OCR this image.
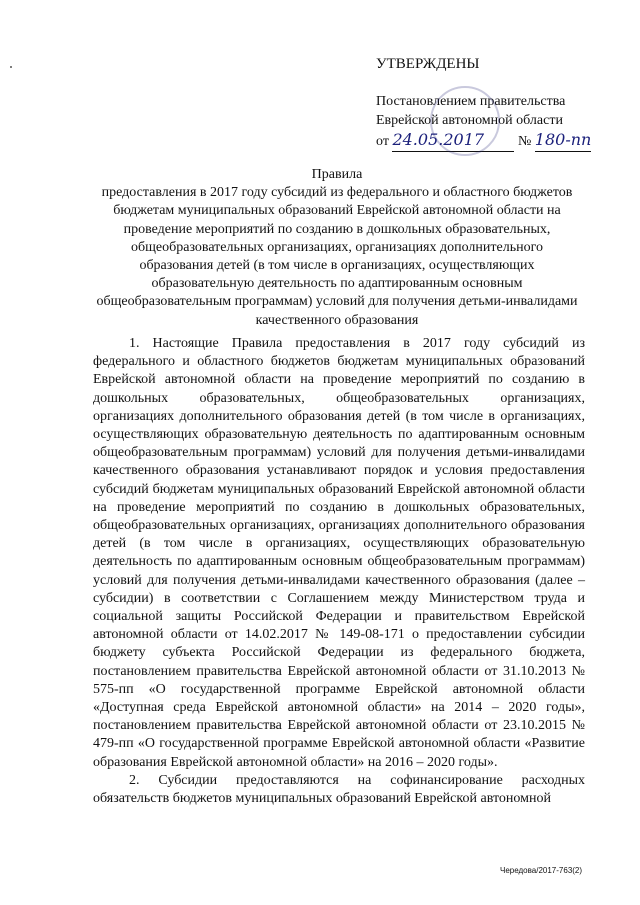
УТВЕРЖДЕНЫ
Постановлением правительства
Еврейской автономной области
от 24.05.2017 № 180-пп
Правила
предоставления в 2017 году субсидий из федерального и областного бюджетов бюджетам муниципальных образований Еврейской автономной области на проведение мероприятий по созданию в дошкольных образовательных, общеобразовательных организациях, организациях дополнительного образования детей (в том числе в организациях, осуществляющих образовательную деятельность по адаптированным основным общеобразовательным программам) условий для получения детьми-инвалидами качественного образования

1. Настоящие Правила предоставления в 2017 году субсидий из федерального и областного бюджетов бюджетам муниципальных образований Еврейской автономной области на проведение мероприятий по созданию в дошкольных образовательных, общеобразовательных организациях, организациях дополнительного образования детей (в том числе в организациях, осуществляющих образовательную деятельность по адаптированным основным общеобразовательным программам) условий для получения детьми-инвалидами качественного образования устанавливают порядок и условия предоставления субсидий бюджетам муниципальных образований Еврейской автономной области на проведение мероприятий по созданию в дошкольных образовательных, общеобразовательных организациях, организациях дополнительного образования детей (в том числе в организациях, осуществляющих образовательную деятельность по адаптированным основным общеобразовательным программам) условий для получения детьми-инвалидами качественного образования (далее – субсидии) в соответствии с Соглашением между Министерством труда и социальной защиты Российской Федерации и правительством Еврейской автономной области от 14.02.2017 № 149-08-171 о предоставлении субсидии бюджету субъекта Российской Федерации из федерального бюджета, постановлением правительства Еврейской автономной области от 31.10.2013 № 575-пп «О государственной программе Еврейской автономной области «Доступная среда Еврейской автономной области» на 2014 – 2020 годы», постановлением правительства Еврейской автономной области от 23.10.2015 № 479-пп «О государственной программе Еврейской автономной области «Развитие образования Еврейской автономной области» на 2016 – 2020 годы».

2. Субсидии предоставляются на софинансирование расходных обязательств бюджетов муниципальных образований Еврейской автономной

Чередова/2017-763(2)
